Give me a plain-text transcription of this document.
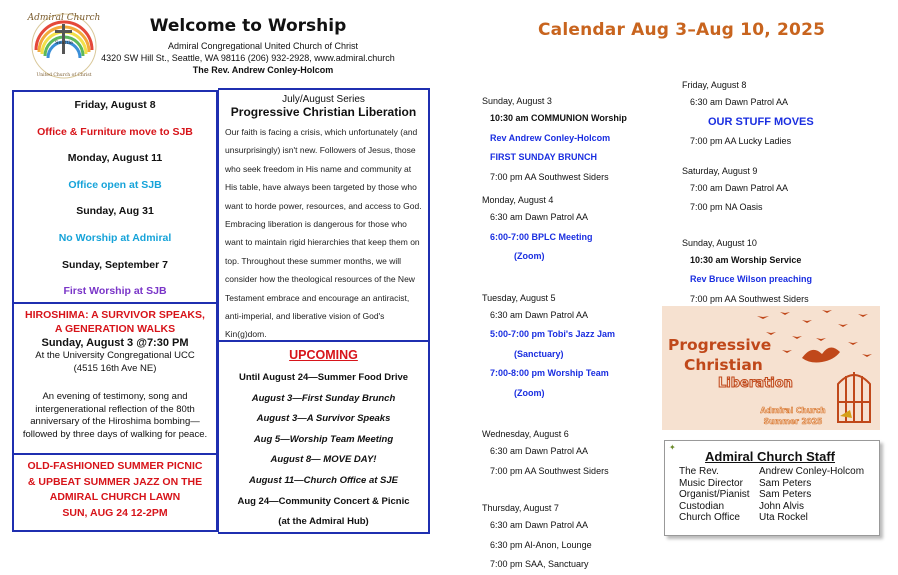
Admiral Church
Seattle
United Church of Christ
Welcome to Worship
Admiral Congregational United Church of Christ
4320 SW Hill St., Seattle, WA 98116 (206) 932-2928, www.admiral.church
The Rev. Andrew Conley-Holcom
Calendar Aug 3–Aug 10, 2025
Friday, August 8
Office & Furniture move to SJB
Monday, August 11
Office open at SJB
Sunday, Aug 31
No Worship at Admiral
Sunday, September 7
First Worship at SJB
HIROSHIMA: A SURVIVOR SPEAKS,
A GENERATION WALKS
Sunday, August 3 @7:30 PM
At the University Congregational UCC
(4515 16th Ave NE)
An evening of testimony, song and intergenerational reflection of the 80th anniversary of the Hiroshima bombing—followed by three days of walking for peace.
OLD-FASHIONED SUMMER PICNIC
& UPBEAT SUMMER JAZZ ON THE
ADMIRAL CHURCH LAWN
SUN, AUG 24 12-2PM
July/August Series
Progressive Christian Liberation
Our faith is facing a crisis, which unfortunately (and unsurprisingly) isn't new. Followers of Jesus, those who seek freedom in His name and community at His table, have always been targeted by those who want to horde power, resources, and access to God. Embracing liberation is dangerous for those who want to maintain rigid hierarchies that keep them on top. Throughout these summer months, we will consider how the theological resources of the New Testament embrace and encourage an antiracist, anti-imperial, and liberative vision of God's Kin(g)dom.
UPCOMING
Until August 24—Summer Food Drive
August 3—First Sunday Brunch
August 3—A Survivor Speaks
Aug 5—Worship Team Meeting
August 8— MOVE DAY!
August 11—Church Office at SJE
Aug 24—Community Concert & Picnic
(at the Admiral Hub)
Sunday, August 3
10:30 am COMMUNION Worship
Rev Andrew Conley-Holcom
FIRST SUNDAY BRUNCH
7:00 pm AA Southwest Siders
Monday, August 4
6:30 am Dawn Patrol AA
6:00-7:00 BPLC Meeting
(Zoom)
Tuesday, August 5
6:30 am Dawn Patrol AA
5:00-7:00 pm Tobi's Jazz Jam
(Sanctuary)
7:00-8:00 pm Worship Team
(Zoom)
Wednesday, August 6
6:30 am Dawn Patrol AA
7:00 pm AA Southwest Siders
Thursday, August 7
6:30 am Dawn Patrol AA
6:30 pm Al-Anon, Lounge
7:00 pm SAA, Sanctuary
Friday, August 8
6:30 am Dawn Patrol AA
OUR STUFF MOVES
7:00 pm AA Lucky Ladies
Saturday, August 9
7:00 am Dawn Patrol AA
7:00 pm NA Oasis
Sunday, August 10
10:30 am Worship Service
Rev Bruce Wilson preaching
7:00 pm AA Southwest Siders
Progressive
Christian
Liberation
Admiral Church
Summer 2025
✦
Admiral Church Staff
The Rev.	Andrew Conley-Holcom
Music Director	Sam Peters
Organist/Pianist Sam Peters
Custodian	John Alvis
Church Office	Uta Rockel
